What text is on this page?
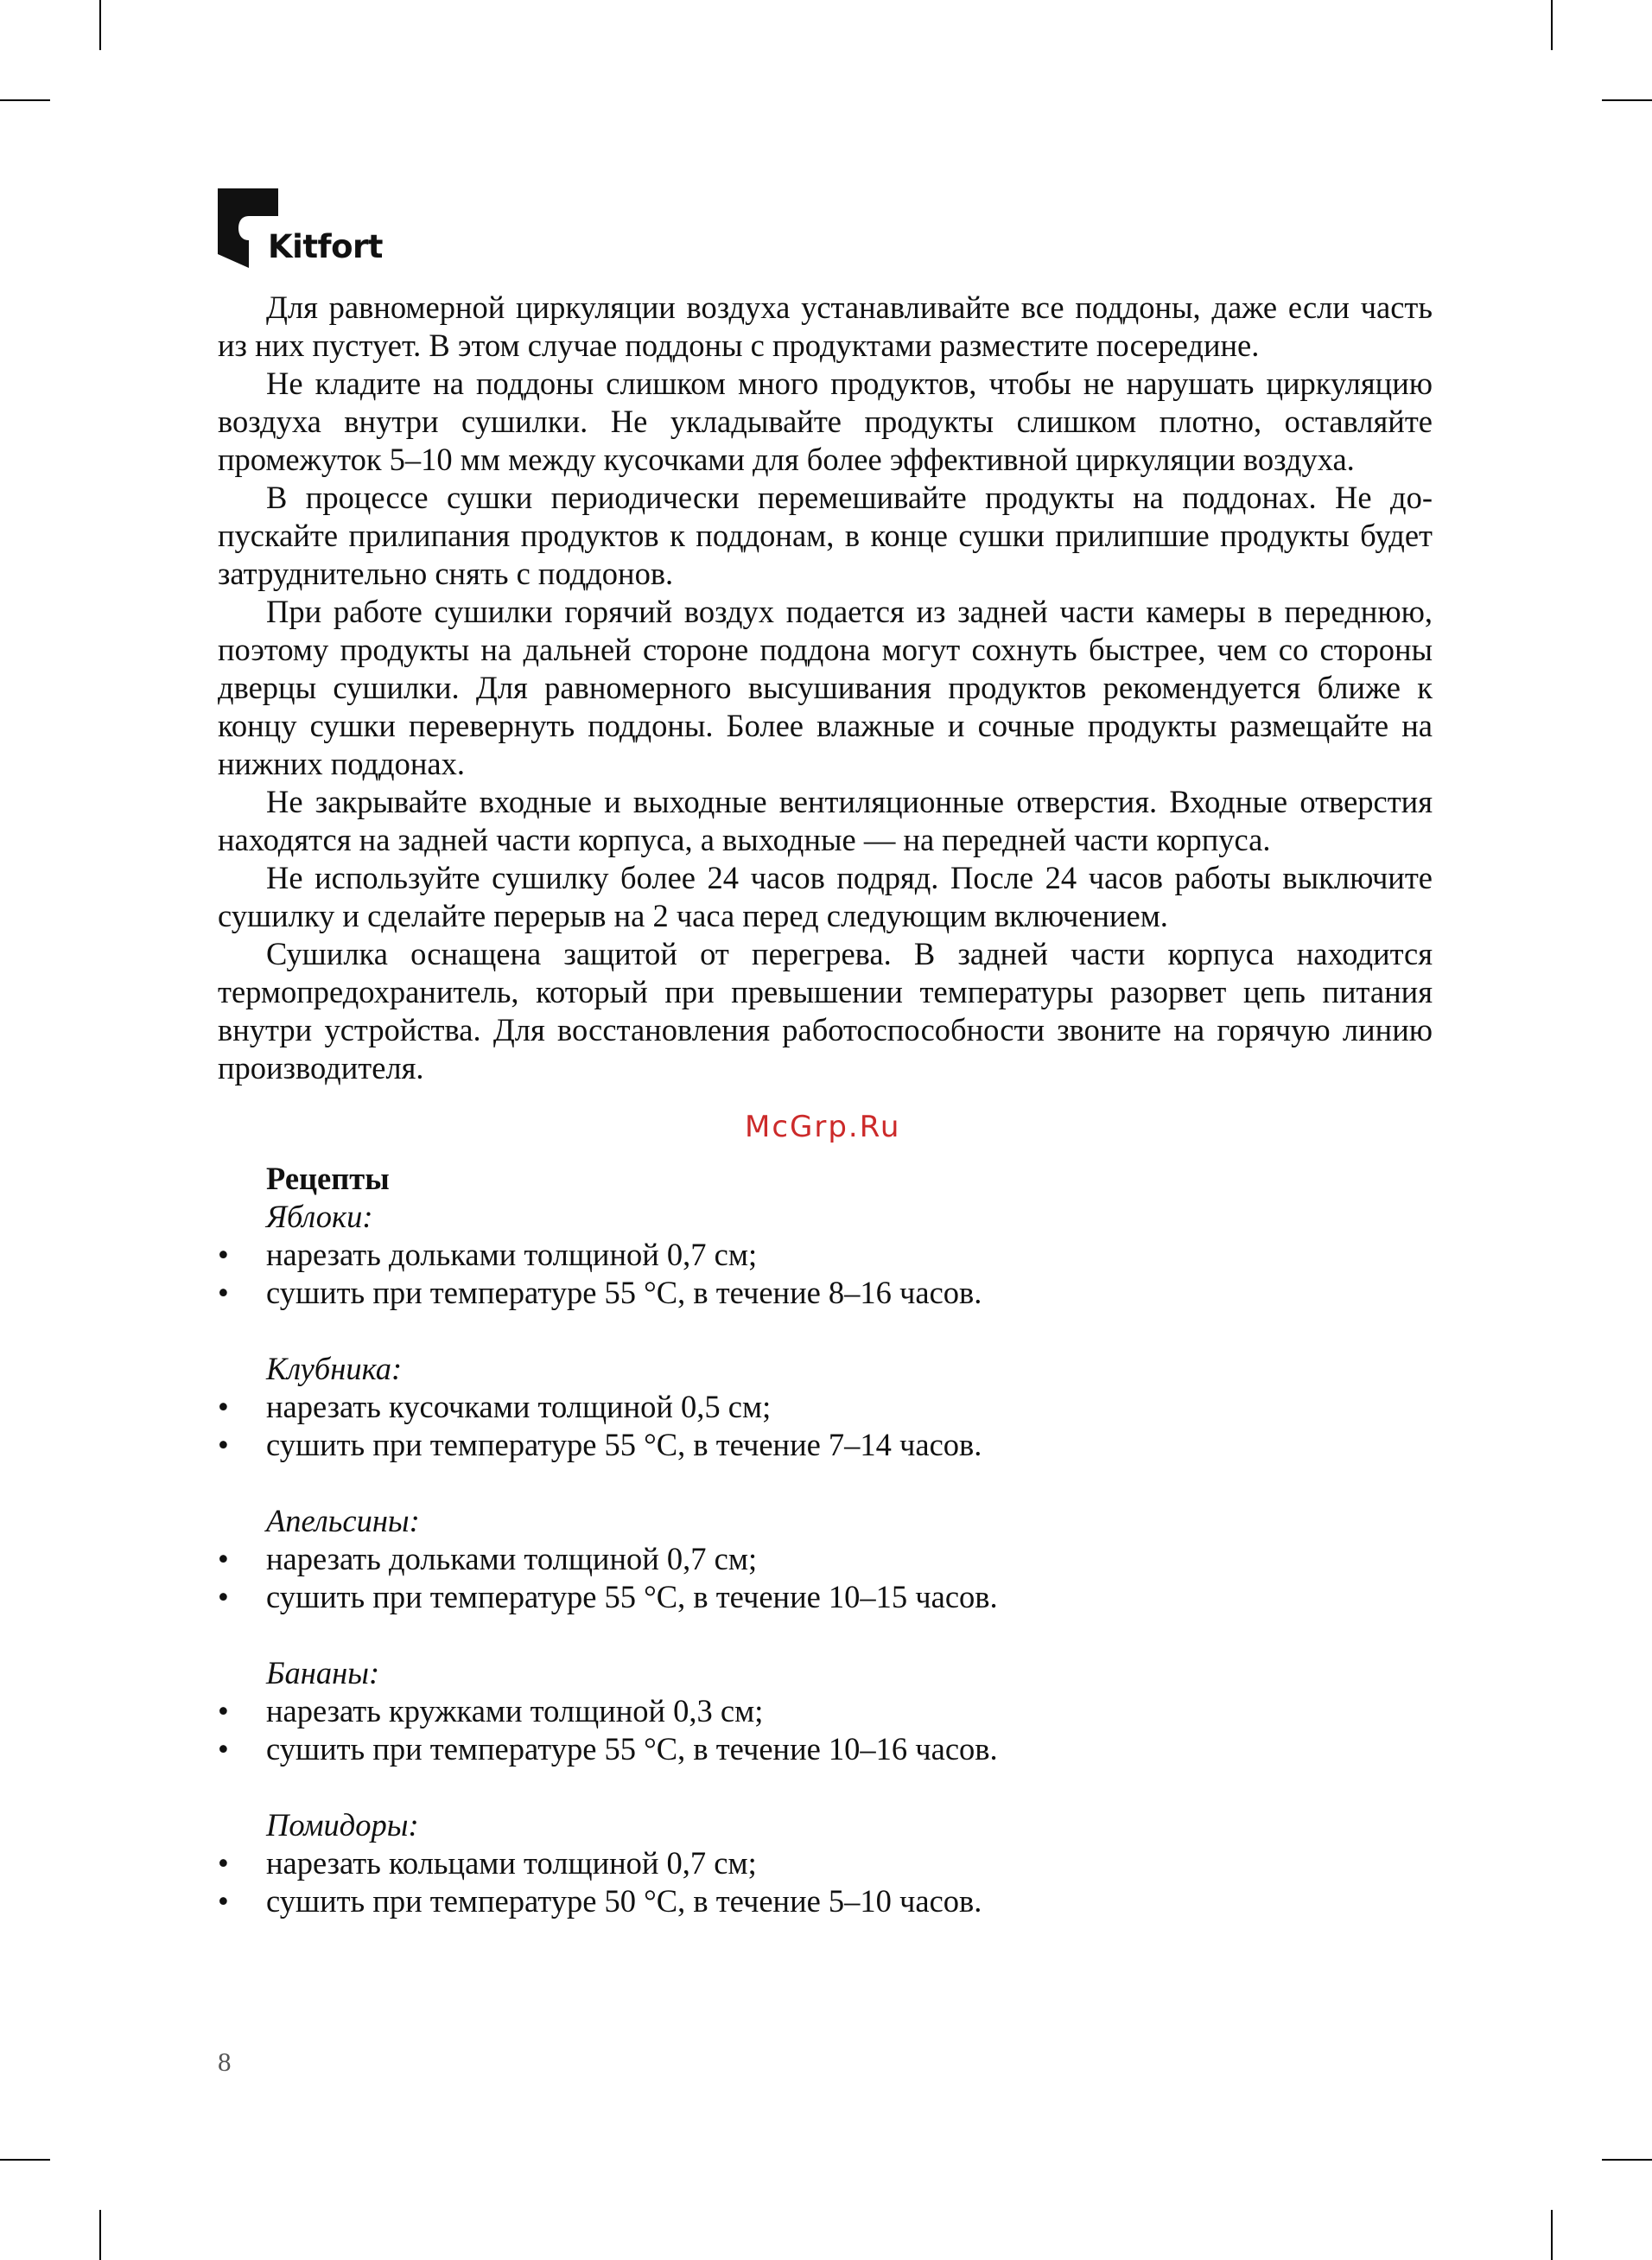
Kitfort

Для равномерной циркуляции воздуха устанавливайте все поддоны, даже если часть из них пустует. В этом случае поддоны с продуктами разместите посередине.

Не кладите на поддоны слишком много продуктов, чтобы не нарушать циркуляцию воздуха внутри сушилки. Не укладывайте продукты слишком плотно, оставляйте промежуток 5–10 мм между кусочками для более эффективной циркуляции воздуха.

В процессе сушки периодически перемешивайте продукты на поддонах. Не допускайте прилипания продуктов к поддонам, в конце сушки прилипшие продукты будет затруднительно снять с поддонов.

При работе сушилки горячий воздух подается из задней части камеры в переднюю, поэтому продукты на дальней стороне поддона могут сохнуть быстрее, чем со стороны дверцы сушилки. Для равномерного высушивания продуктов рекомендуется ближе к концу сушки перевернуть поддоны. Более влажные и сочные продукты размещайте на нижних поддонах.

Не закрывайте входные и выходные вентиляционные отверстия. Входные отверстия находятся на задней части корпуса, а выходные — на передней части корпуса.

Не используйте сушилку более 24 часов подряд. После 24 часов работы выключите сушилку и сделайте перерыв на 2 часа перед следующим включением.

Сушилка оснащена защитой от перегрева. В задней части корпуса находится термопредохранитель, который при превышении температуры разорвет цепь питания внутри устройства. Для восстановления работоспособности звоните на горячую линию производителя.

McGrp.Ru

Рецепты

Яблоки:

• нарезать дольками толщиной 0,7 см;
• сушить при температуре 55 °C, в течение 8–16 часов.

Клубника:

• нарезать кусочками толщиной 0,5 см;
• сушить при температуре 55 °C, в течение 7–14 часов.

Апельсины:

• нарезать дольками толщиной 0,7 см;
• сушить при температуре 55 °C, в течение 10–15 часов.

Бананы:

• нарезать кружками толщиной 0,3 см;
• сушить при температуре 55 °C, в течение 10–16 часов.

Помидоры:

• нарезать кольцами толщиной 0,7 см;
• сушить при температуре 50 °C, в течение 5–10 часов.
8
